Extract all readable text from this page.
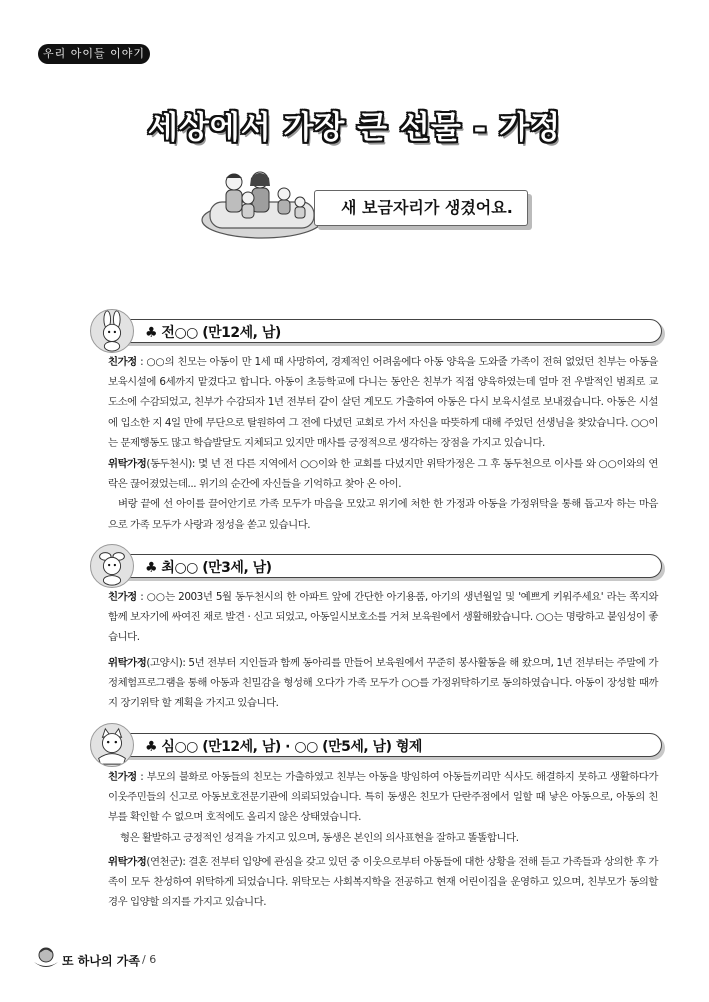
우리 아이들 이야기
세상에서 가장 큰 선물 - 가정
새 보금자리가 생겼어요.
♣ 전○○ (만12세, 남)

친가정 : ○○의 친모는 아동이 만 1세 때 사망하여, 경제적인 어려움에다 아동 양육을 도와줄 가족이 전혀 없었던 친부는 아동을 보육시설에 6세까지 맡겼다고 합니다. 아동이 초등학교에 다니는 동안은 친부가 직접 양육하였는데 얼마 전 우발적인 범죄로 교도소에 수감되었고, 친부가 수감되자 1년 전부터 같이 살던 계모도 가출하여 아동은 다시 보육시설로 보내졌습니다. 아동은 시설에 입소한 지 4일 만에 무단으로 탈원하여 그 전에 다녔던 교회로 가서 자신을 따뜻하게 대해 주었던 선생님을 찾았습니다. ○○이는 문제행동도 많고 학습발달도 지체되고 있지만 매사를 긍정적으로 생각하는 장점을 가지고 있습니다.

위탁가정(동두천시): 몇 년 전 다른 지역에서 ○○이와 한 교회를 다녔지만 위탁가정은 그 후 동두천으로 이사를 와 ○○이와의 연락은 끊어졌었는데... 위기의 순간에 자신들을 기억하고 찾아 온 아이.

벼랑 끝에 선 아이를 끌어안기로 가족 모두가 마음을 모았고 위기에 처한 한 가정과 아동을 가정위탁을 통해 돕고자 하는 마음으로 가족 모두가 사랑과 정성을 쏟고 있습니다.

♣ 최○○ (만3세, 남)

친가정 : ○○는 2003년 5월 동두천시의 한 아파트 앞에 간단한 아기용품, 아기의 생년월일 및 '예쁘게 키워주세요' 라는 쪽지와 함께 보자기에 싸여진 채로 발견 · 신고 되었고, 아동일시보호소를 거쳐 보육원에서 생활해왔습니다. ○○는 명랑하고 붙임성이 좋습니다.

위탁가정(고양시): 5년 전부터 지인들과 함께 동아리를 만들어 보육원에서 꾸준히 봉사활동을 해 왔으며, 1년 전부터는 주말에 가정체험프로그램을 통해 아동과 친밀감을 형성해 오다가 가족 모두가 ○○를 가정위탁하기로 동의하였습니다. 아동이 장성할 때까지 장기위탁 할 계획을 가지고 있습니다.

♣ 심○○ (만12세, 남) · ○○ (만5세, 남) 형제

친가정 : 부모의 불화로 아동들의 친모는 가출하였고 친부는 아동을 방임하여 아동들끼리만 식사도 해결하지 못하고 생활하다가 이웃주민들의 신고로 아동보호전문기관에 의뢰되었습니다. 특히 동생은 친모가 단란주점에서 일할 때 낳은 아동으로, 아동의 친부를 확인할 수 없으며 호적에도 올리지 않은 상태였습니다.

형은 활발하고 긍정적인 성격을 가지고 있으며, 동생은 본인의 의사표현을 잘하고 똘똘합니다.

위탁가정(연천군): 결혼 전부터 입양에 관심을 갖고 있던 중 이웃으로부터 아동들에 대한 상황을 전해 듣고 가족들과 상의한 후 가족이 모두 찬성하여 위탁하게 되었습니다. 위탁모는 사회복지학을 전공하고 현재 어린이집을 운영하고 있으며, 친부모가 동의할 경우 입양할 의지를 가지고 있습니다.

또 하나의 가족 / 6
